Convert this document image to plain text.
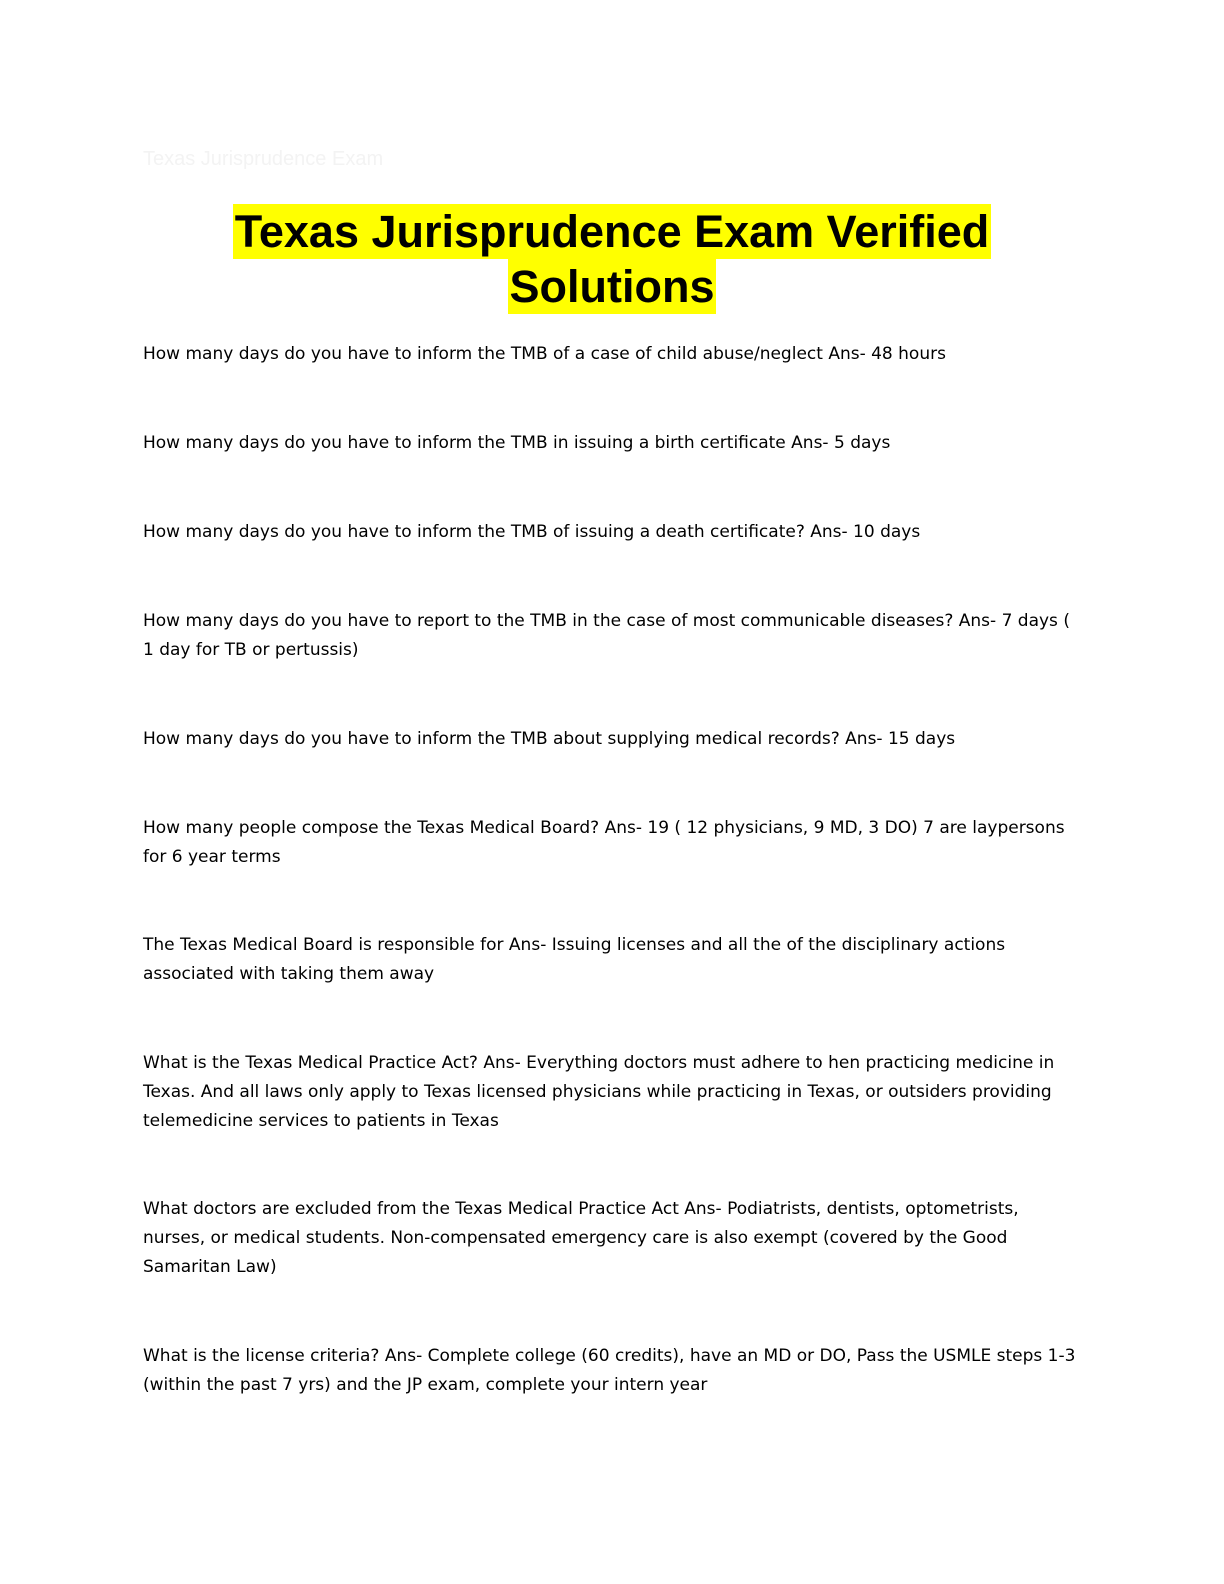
Texas Jurisprudence Exam
Texas Jurisprudence Exam Verified
Solutions
How many days do you have to inform the TMB of a case of child abuse/neglect Ans- 48 hours
How many days do you have to inform the TMB in issuing a birth certificate Ans- 5 days
How many days do you have to inform the TMB of issuing a death certificate? Ans- 10 days
How many days do you have to report to the TMB in the case of most communicable diseases? Ans- 7 days ( 1 day for TB or pertussis)
How many days do you have to inform the TMB about supplying medical records? Ans- 15 days
How many people compose the Texas Medical Board? Ans- 19 ( 12 physicians, 9 MD, 3 DO) 7 are laypersons for 6 year terms
The Texas Medical Board is responsible for Ans- Issuing licenses and all the of the disciplinary actions associated with taking them away
What is the Texas Medical Practice Act? Ans- Everything doctors must adhere to hen practicing medicine in Texas. And all laws only apply to Texas licensed physicians while practicing in Texas, or outsiders providing telemedicine services to patients in Texas
What doctors are excluded from the Texas Medical Practice Act Ans- Podiatrists, dentists, optometrists, nurses, or medical students. Non-compensated emergency care is also exempt (covered by the Good Samaritan Law)
What is the license criteria? Ans- Complete college (60 credits), have an MD or DO, Pass the USMLE steps 1-3 (within the past 7 yrs) and the JP exam, complete your intern year
